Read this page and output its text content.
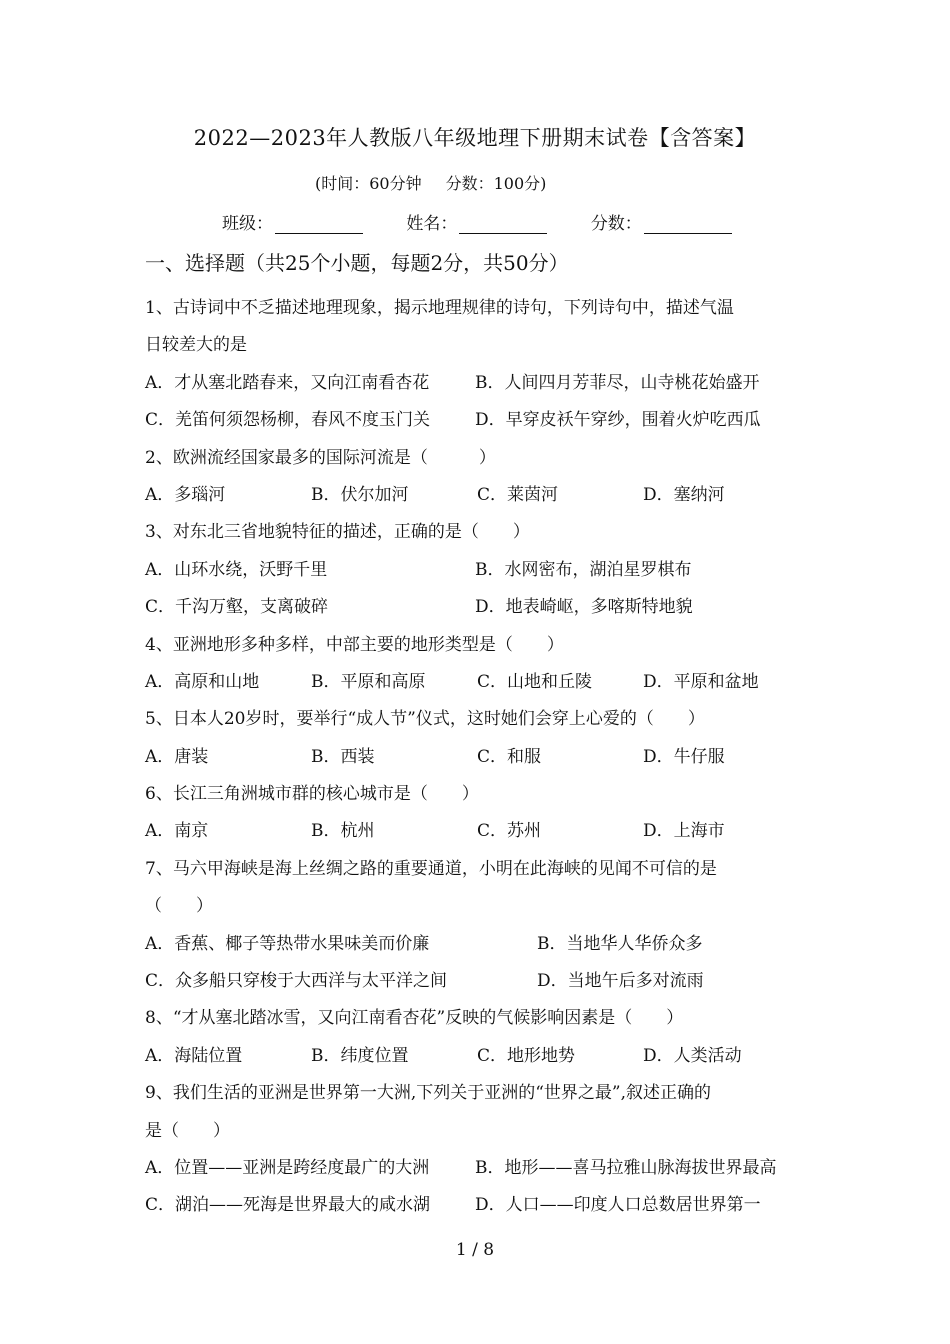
2022—2023年人教版八年级地理下册期末试卷【含答案】
(时间：60分钟 分数：100分)
班级：	姓名：	分数：
一、选择题（共25个小题，每题2分，共50分）
1、古诗词中不乏描述地理现象，揭示地理规律的诗句，下列诗句中，描述气温
日较差大的是
A．才从塞北踏春来，又向江南看杏花	B．人间四月芳菲尽，山寺桃花始盛开
C．羌笛何须怨杨柳，春风不度玉门关	D．早穿皮袄午穿纱，围着火炉吃西瓜
2、欧洲流经国家最多的国际河流是（　　　）
A．多瑙河	B．伏尔加河	C．莱茵河	D．塞纳河
3、对东北三省地貌特征的描述，正确的是（　　）
A．山环水绕，沃野千里	B．水网密布，湖泊星罗棋布
C．千沟万壑，支离破碎	D．地表崎岖，多喀斯特地貌
4、亚洲地形多种多样，中部主要的地形类型是（　　）
A．高原和山地	B．平原和高原	C．山地和丘陵	D．平原和盆地
5、日本人20岁时，要举行“成人节”仪式，这时她们会穿上心爱的（　　）
A．唐装	B．西装	C．和服	D．牛仔服
6、长江三角洲城市群的核心城市是（　　）
A．南京	B．杭州	C．苏州	D．上海市
7、马六甲海峡是海上丝绸之路的重要通道，小明在此海峡的见闻不可信的是
（　　）
A．香蕉、椰子等热带水果味美而价廉	B．当地华人华侨众多
C．众多船只穿梭于大西洋与太平洋之间	D．当地午后多对流雨
8、“才从塞北踏冰雪，又向江南看杏花”反映的气候影响因素是（　　）
A．海陆位置	B．纬度位置	C．地形地势	D．人类活动
9、我们生活的亚洲是世界第一大洲,下列关于亚洲的“世界之最”,叙述正确的
是（　　）
A．位置——亚洲是跨经度最广的大洲	B．地形——喜马拉雅山脉海拔世界最高
C．湖泊——死海是世界最大的咸水湖	D．人口——印度人口总数居世界第一
1 / 8
